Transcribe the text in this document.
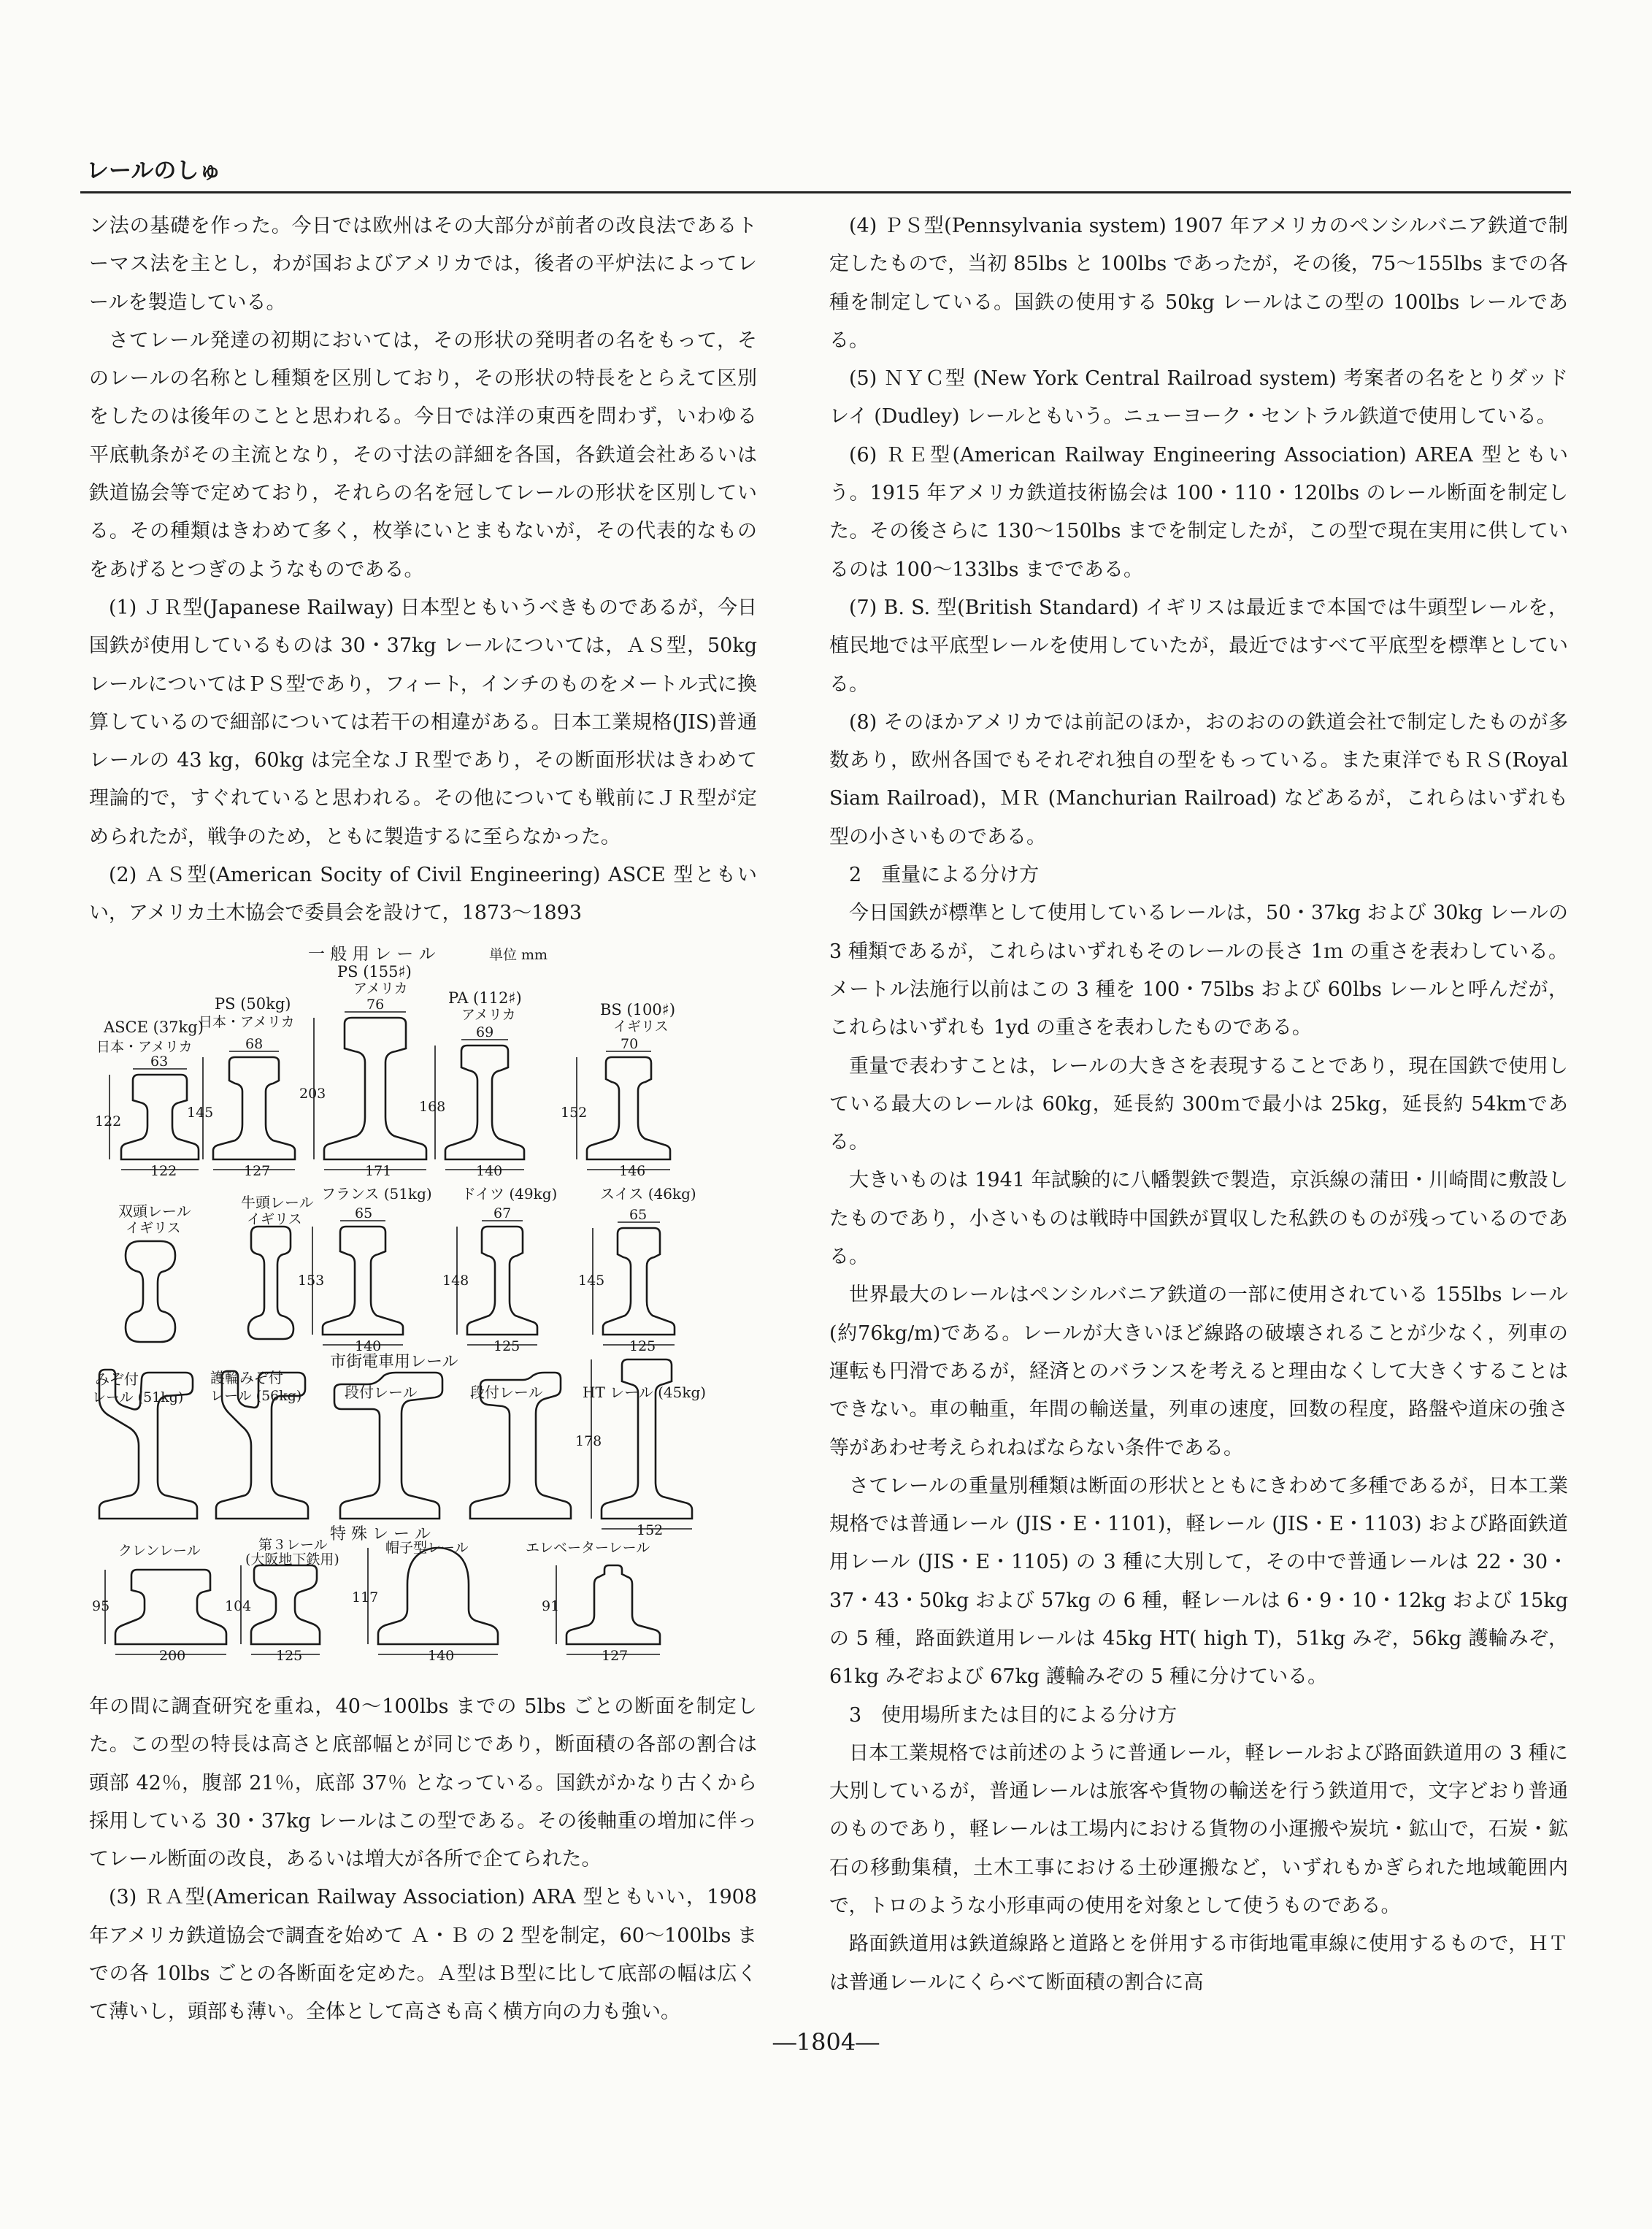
レールのしゅ

ン法の基礎を作った。今日では欧州はその大部分が前者の改良法であるトーマス法を主とし，わが国およびアメリカでは，後者の平炉法によってレールを製造している。

さてレール発達の初期においては，その形状の発明者の名をもって，そのレールの名称とし種類を区別しており，その形状の特長をとらえて区別をしたのは後年のことと思われる。今日では洋の東西を問わず，いわゆる平底軌条がその主流となり，その寸法の詳細を各国，各鉄道会社あるいは鉄道協会等で定めており，それらの名を冠してレールの形状を区別している。その種類はきわめて多く，枚挙にいとまもないが，その代表的なものをあげるとつぎのようなものである。

(1) ＪＲ型(Japanese Railway) 日本型ともいうべきものであるが，今日国鉄が使用しているものは 30・37kg レールについては，ＡＳ型，50kg レールについてはＰＳ型であり，フィート，インチのものをメートル式に換算しているので細部については若干の相違がある。日本工業規格(JIS)普通レールの 43 kg，60kg は完全なＪＲ型であり，その断面形状はきわめて理論的で，すぐれていると思われる。その他についても戦前にＪＲ型が定められたが，戦争のため，ともに製造するに至らなかった。

(2) ＡＳ型(American Socity of Civil Engineering) ASCE 型ともいい，アメリカ土木協会で委員会を設けて，1873～1893

一 般 用 レ ー ル	単位 mm
市街電車用レール
特 殊 レ ー ル
ASCE (37kg)
日本・アメリカ
PS (50kg)
日本・アメリカ
PS (155♯)
アメリカ
PA (112♯)
アメリカ	BS (100♯)
イギリス
63
68
76
69
70
122	127	171	140	146
122
145
203
168	152
双頭レール
イギリス
牛頭レール
イギリス
フランス (51kg) ドイツ (49kg)	スイス (46kg)
65	67	65
140	125	125
153	148	145
みぞ付
レール (51kg)
護輪みぞ付
レール (56kg)	段付レール	段付レール	HT レール (45kg)
178
152
クレンレール	第３レール
(大阪地下鉄用)
帽子型レール	エレベーターレール
95	104
117
91
200	125	140	127

年の間に調査研究を重ね，40～100lbs までの 5lbs ごとの断面を制定した。この型の特長は高さと底部幅とが同じであり，断面積の各部の割合は頭部 42％，腹部 21％，底部 37％ となっている。国鉄がかなり古くから採用している 30・37kg レールはこの型である。その後軸重の増加に伴ってレール断面の改良，あるいは増大が各所で企てられた。

(3) ＲＡ型(American Railway Association) ARA 型ともいい，1908 年アメリカ鉄道協会で調査を始めて Ａ・Ｂ の 2 型を制定，60～100lbs までの各 10lbs ごとの各断面を定めた。Ａ型はＢ型に比して底部の幅は広くて薄いし，頭部も薄い。全体として高さも高く横方向の力も強い。

(4) ＰＳ型(Pennsylvania system) 1907 年アメリカのペンシルバニア鉄道で制定したもので，当初 85lbs と 100lbs であったが，その後，75～155lbs までの各種を制定している。国鉄の使用する 50kg レールはこの型の 100lbs レールである。

(5) ＮＹＣ型 (New York Central Railroad system) 考案者の名をとりダッドレイ (Dudley) レールともいう。ニューヨーク・セントラル鉄道で使用している。

(6) ＲＥ型(American Railway Engineering Association) AREA 型ともいう。1915 年アメリカ鉄道技術協会は 100・110・120lbs のレール断面を制定した。その後さらに 130～150lbs までを制定したが，この型で現在実用に供しているのは 100～133lbs までである。

(7) B. S. 型(British Standard) イギリスは最近まで本国では牛頭型レールを，植民地では平底型レールを使用していたが，最近ではすべて平底型を標準としている。

(8) そのほかアメリカでは前記のほか，おのおのの鉄道会社で制定したものが多数あり，欧州各国でもそれぞれ独自の型をもっている。また東洋でもＲＳ(Royal Siam Railroad)，ＭＲ (Manchurian Railroad) などあるが，これらはいずれも型の小さいものである。

2　重量による分け方

今日国鉄が標準として使用しているレールは，50・37kg および 30kg レールの 3 種類であるが，これらはいずれもそのレールの長さ 1ｍ の重さを表わしている。メートル法施行以前はこの 3 種を 100・75lbs および 60lbs レールと呼んだが，これらはいずれも 1yd の重さを表わしたものである。

重量で表わすことは，レールの大きさを表現することであり，現在国鉄で使用している最大のレールは 60kg，延長約 300ｍで最小は 25kg，延長約 54kmである。

大きいものは 1941 年試験的に八幡製鉄で製造，京浜線の蒲田・川崎間に敷設したものであり，小さいものは戦時中国鉄が買収した私鉄のものが残っているのである。

世界最大のレールはペンシルバニア鉄道の一部に使用されている 155lbs レール(約76kg/m)である。レールが大きいほど線路の破壊されることが少なく，列車の運転も円滑であるが，経済とのバランスを考えると理由なくして大きくすることはできない。車の軸重，年間の輸送量，列車の速度，回数の程度，路盤や道床の強さ等があわせ考えられねばならない条件である。

さてレールの重量別種類は断面の形状とともにきわめて多種であるが，日本工業規格では普通レール (JIS・E・1101)，軽レール (JIS・E・1103) および路面鉄道用レール (JIS・E・1105) の 3 種に大別して，その中で普通レールは 22・30・37・43・50kg および 57kg の 6 種，軽レールは 6・9・10・12kg および 15kgの 5 種，路面鉄道用レールは 45kg HT( high T)，51kg みぞ，56kg 護輪みぞ，61kg みぞおよび 67kg 護輪みぞの 5 種に分けている。

3　使用場所または目的による分け方

日本工業規格では前述のように普通レール，軽レールおよび路面鉄道用の 3 種に大別しているが，普通レールは旅客や貨物の輸送を行う鉄道用で，文字どおり普通のものであり，軽レールは工場内における貨物の小運搬や炭坑・鉱山で，石炭・鉱石の移動集積，土木工事における土砂運搬など，いずれもかぎられた地域範囲内で，トロのような小形車両の使用を対象として使うものである。

路面鉄道用は鉄道線路と道路とを併用する市街地電車線に使用するもので，ＨＴは普通レールにくらべて断面積の割合に高

―1804―
